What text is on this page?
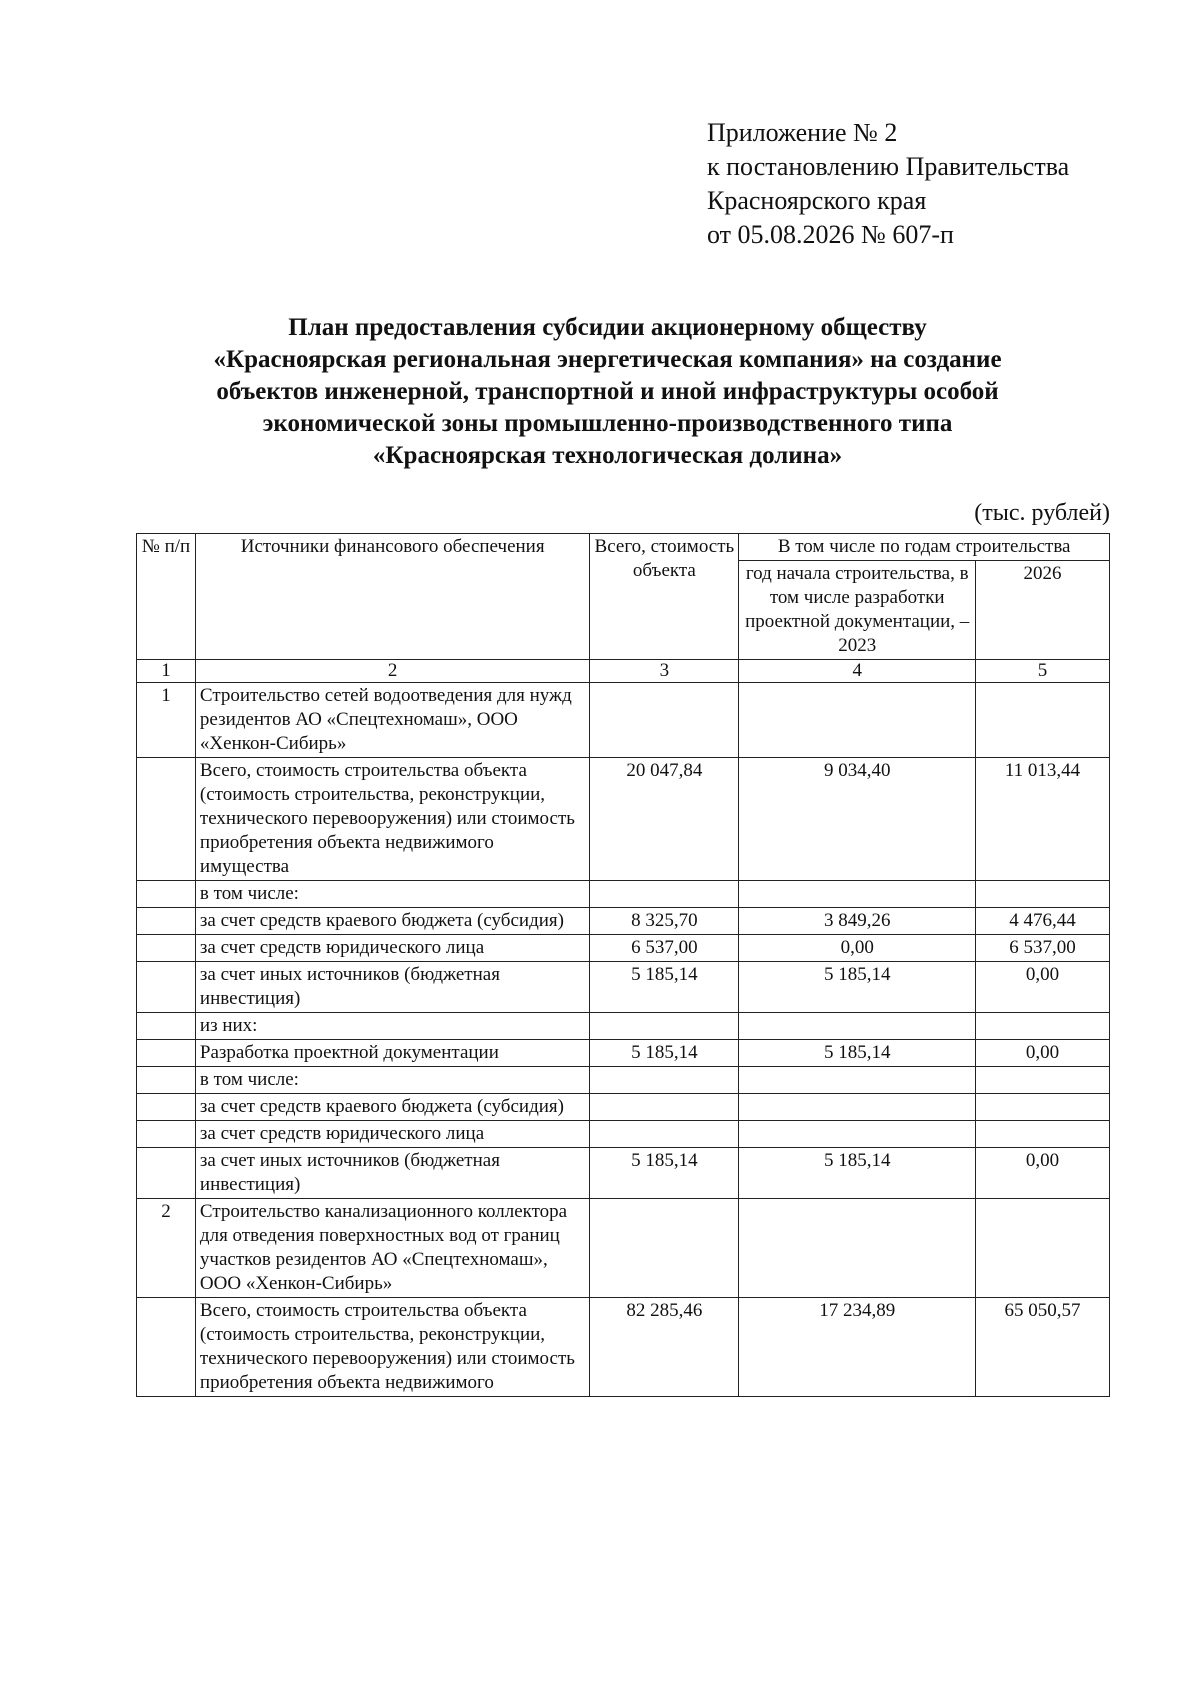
Приложение № 2
к постановлению Правительства
Красноярского края
от 05.08.2026 № 607-п
План предоставления субсидии акционерному обществу
«Красноярская региональная энергетическая компания» на создание
объектов инженерной, транспортной и иной инфраструктуры особой
экономической зоны промышленно-производственного типа
«Красноярская технологическая долина»
(тыс. рублей)
№ п/п	Источники финансового обеспечения	Всего, стоимость объекта	В том числе по годам строительства	
			год начала строительства, в том числе разработки проектной документации, – 2023	2026
1	2	3	4	5
1	Строительство сетей водоотведения для нужд резидентов АО «Спецтехномаш», ООО «Хенкон-Сибирь»			
	Всего, стоимость строительства объекта (стоимость строительства, реконструкции, технического перевооружения) или стоимость приобретения объекта недвижимого имущества	20 047,84	9 034,40	11 013,44
	в том числе:			
	за счет средств краевого бюджета (субсидия)	8 325,70	3 849,26	4 476,44
	за счет средств юридического лица	6 537,00	0,00	6 537,00
	за счет иных источников (бюджетная инвестиция)	5 185,14	5 185,14	0,00
	из них:			
	Разработка проектной документации	5 185,14	5 185,14	0,00
	в том числе:			
	за счет средств краевого бюджета (субсидия)			
	за счет средств юридического лица			
	за счет иных источников (бюджетная инвестиция)	5 185,14	5 185,14	0,00
2	Строительство канализационного коллектора для отведения поверхностных вод от границ участков резидентов АО «Спецтехномаш», ООО «Хенкон-Сибирь»			
	Всего, стоимость строительства объекта (стоимость строительства, реконструкции, технического перевооружения) или стоимость приобретения объекта недвижимого	82 285,46	17 234,89	65 050,57
